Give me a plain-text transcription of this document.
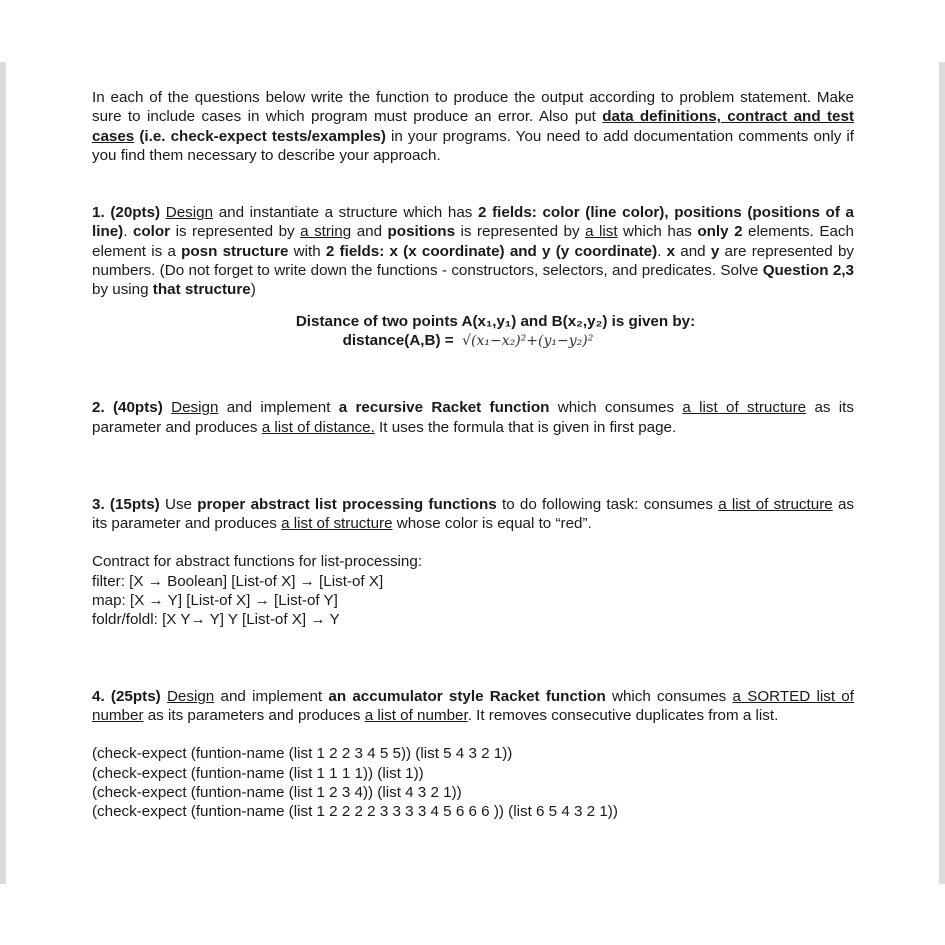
In each of the questions below write the function to produce the output according to problem statement. Make sure to include cases in which program must produce an error. Also put data definitions, contract and test cases (i.e. check-expect tests/examples) in your programs. You need to add documentation comments only if you find them necessary to describe your approach.

1. (20pts) Design and instantiate a structure which has 2 fields: color (line color), positions (positions of a line). color is represented by a string and positions is represented by a list which has only 2 elements. Each element is a posn structure with 2 fields: x (x coordinate) and y (y coordinate). x and y are represented by numbers. (Do not forget to write down the functions - constructors, selectors, and predicates. Solve Question 2,3 by using that structure)

Distance of two points A(x₁,y₁) and B(x₂,y₂) is given by:
distance(A,B) = √(x₁−x₂)²+(y₁−y₂)²

2. (40pts) Design and implement a recursive Racket function which consumes a list of structure as its parameter and produces a list of distance. It uses the formula that is given in first page.

3. (15pts) Use proper abstract list processing functions to do following task: consumes a list of structure as its parameter and produces a list of structure whose color is equal to “red”.

Contract for abstract functions for list-processing:

filter: [X → Boolean] [List-of X] → [List-of X]

map: [X → Y] [List-of X] → [List-of Y]

foldr/foldl: [X Y→ Y] Y [List-of X] → Y

4. (25pts) Design and implement an accumulator style Racket function which consumes a SORTED list of number as its parameters and produces a list of number. It removes consecutive duplicates from a list.

(check-expect (funtion-name (list 1 2 2 3 4 5 5)) (list 5 4 3 2 1))

(check-expect (funtion-name (list 1 1 1 1)) (list 1))

(check-expect (funtion-name (list 1 2 3 4)) (list 4 3 2 1))

(check-expect (funtion-name (list 1 2 2 2 2 3 3 3 3 4 5 6 6 6 )) (list 6 5 4 3 2 1))
